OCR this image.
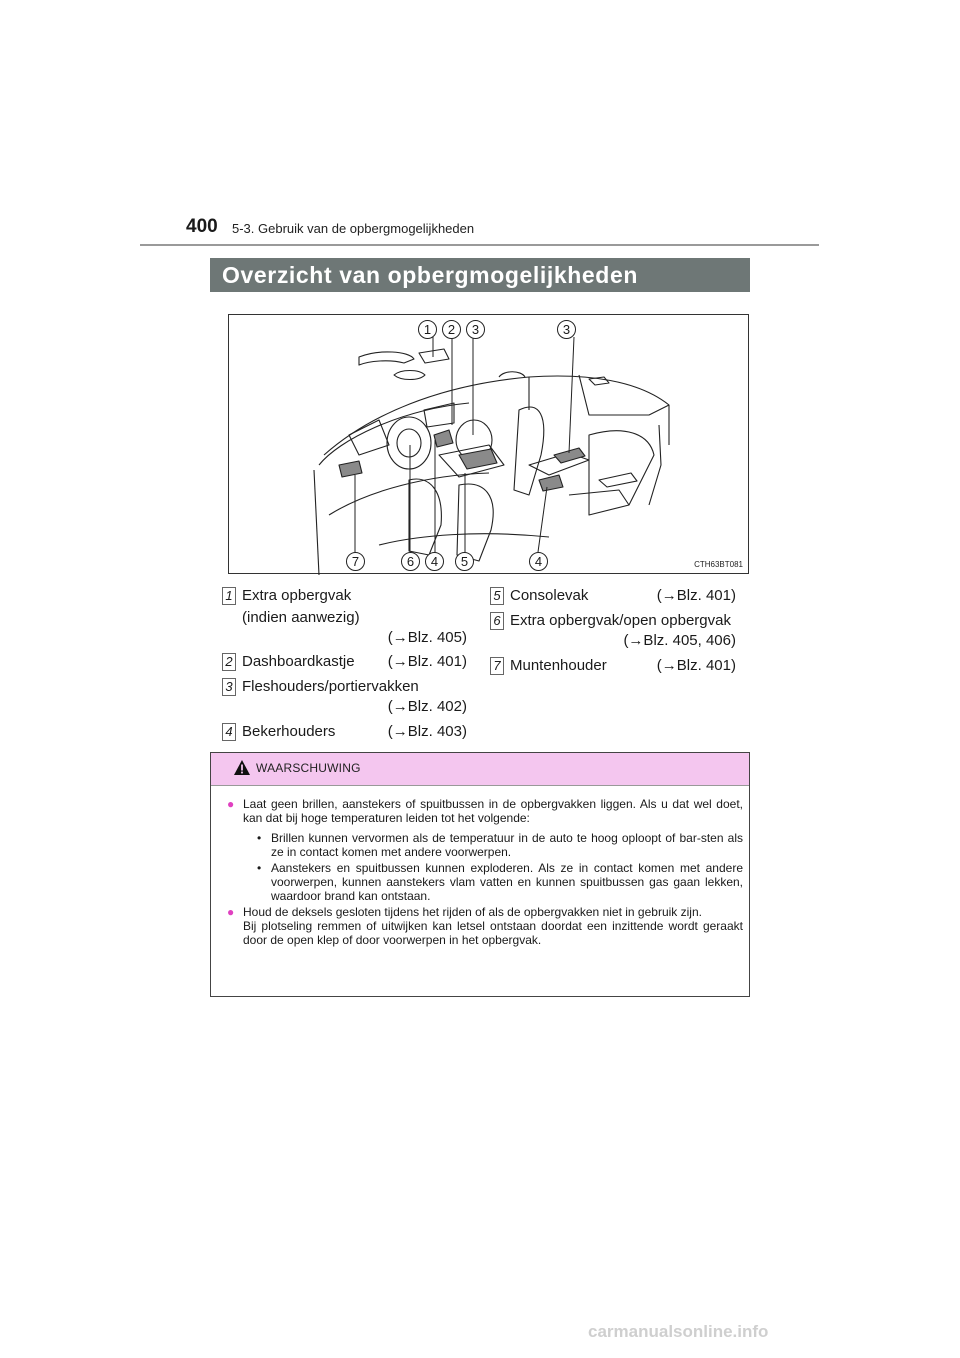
400 5-3. Gebruik van de opbergmogelijkheden
Overzicht van opbergmogelijkheden
1	2	3	3
7	6	4	5	4	CTH63BT081
1 Extra opbergvak
(indien aanwezig)
(→Blz. 405)
2 Dashboardkastje (→Blz. 401)
3 Fleshouders/portiervakken
(→Blz. 402)
4 Bekerhouders	(→Blz. 403)
5 Consolevak	(→Blz. 401)
6 Extra opbergvak/open opbergvak
(→Blz. 405, 406)
7 Muntenhouder	(→Blz. 401)
WAARSCHUWING
● Laat geen brillen, aanstekers of spuitbussen in de opbergvakken liggen. Als u dat wel doet, kan dat bij hoge temperaturen leiden tot het volgende:

• Brillen kunnen vervormen als de temperatuur in de auto te hoog oploopt of bar-sten als ze in contact komen met andere voorwerpen.
• Aanstekers en spuitbussen kunnen exploderen. Als ze in contact komen met andere voorwerpen, kunnen aanstekers vlam vatten en kunnen spuitbussen gas gaan lekken, waardoor brand kan ontstaan.
● Houd de deksels gesloten tijdens het rijden of als de opbergvakken niet in gebruik zijn.

Bij plotseling remmen of uitwijken kan letsel ontstaan doordat een inzittende wordt geraakt door de open klep of door voorwerpen in het opbergvak.

carmanualsonline.info
